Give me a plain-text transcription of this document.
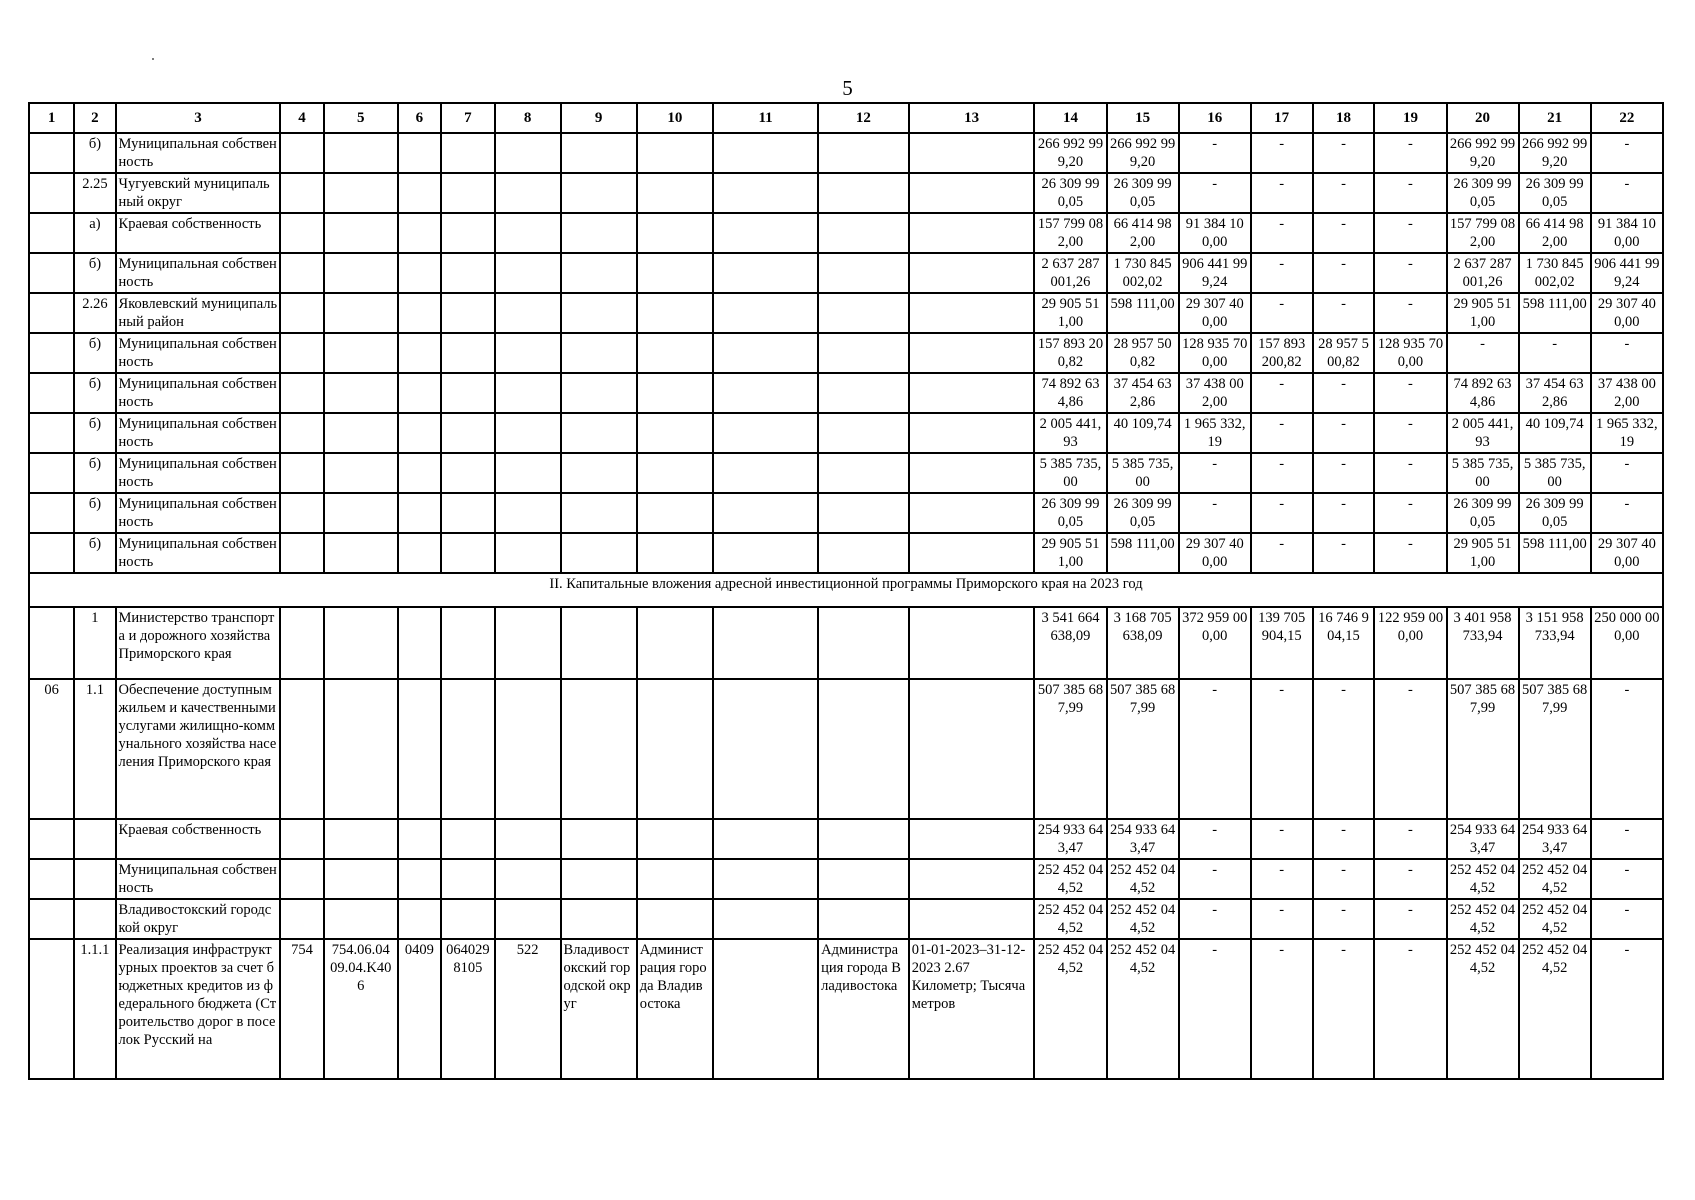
5
1	2	3	4	5	6	7	8	9	10	11	12	13	14	15	16	17	18	19	20	21	22
	б)	Муниципальная собственность											266 992 999,20	266 992 999,20	-	-	-	-	266 992 999,20	266 992 999,20	-
	2.25	Чугуевский муниципальный округ											26 309 990,05	26 309 990,05	-	-	-	-	26 309 990,05	26 309 990,05	-
	а)	Краевая собственность											157 799 082,00	66 414 982,00	91 384 100,00	-	-	-	157 799 082,00	66 414 982,00	91 384 100,00
	б)	Муниципальная собственность											2 637 287 001,26	1 730 845 002,02	906 441 999,24	-	-	-	2 637 287 001,26	1 730 845 002,02	906 441 999,24
	2.26	Яковлевский муниципальный район											29 905 511,00	598 111,00	29 307 400,00	-	-	-	29 905 511,00	598 111,00	29 307 400,00
	б)	Муниципальная собственность											157 893 200,82	28 957 500,82	128 935 700,00	157 893 200,82	28 957 500,82	128 935 700,00	-	-	-
	б)	Муниципальная собственность											74 892 634,86	37 454 632,86	37 438 002,00	-	-	-	74 892 634,86	37 454 632,86	37 438 002,00
	б)	Муниципальная собственность											2 005 441,93	40 109,74	1 965 332,19	-	-	-	2 005 441,93	40 109,74	1 965 332,19
	б)	Муниципальная собственность											5 385 735,00	5 385 735,00	-	-	-	-	5 385 735,00	5 385 735,00	-
	б)	Муниципальная собственность											26 309 990,05	26 309 990,05	-	-	-	-	26 309 990,05	26 309 990,05	-
	б)	Муниципальная собственность											29 905 511,00	598 111,00	29 307 400,00	-	-	-	29 905 511,00	598 111,00	29 307 400,00
II. Капитальные вложения адресной инвестиционной программы Приморского края на 2023 год																					
	1	Министерство транспорта и дорожного хозяйства Приморского края											3 541 664 638,09	3 168 705 638,09	372 959 000,00	139 705 904,15	16 746 904,15	122 959 000,00	3 401 958 733,94	3 151 958 733,94	250 000 000,00
06	1.1	Обеспечение доступным жильем и качественными услугами жилищно-коммунального хозяйства населения Приморского края											507 385 687,99	507 385 687,99	-	-	-	-	507 385 687,99	507 385 687,99	-
		Краевая собственность											254 933 643,47	254 933 643,47	-	-	-	-	254 933 643,47	254 933 643,47	-
		Муниципальная собственность											252 452 044,52	252 452 044,52	-	-	-	-	252 452 044,52	252 452 044,52	-
		Владивостокский городской округ											252 452 044,52	252 452 044,52	-	-	-	-	252 452 044,52	252 452 044,52	-
	1.1.1	Реализация инфраструктурных проектов за счет бюджетных кредитов из федерального бюджета (Строительство дорог в поселок Русский на	754	754.06.04 09.04.K40 6	0409	064029 8105	522	Владивостокский городской округ	Администрация города Владивостока		Администрация города Владивостока	01-01-2023–31-12-2023 2.67 Километр; Тысяча метров	252 452 044,52	252 452 044,52	-	-	-	-	252 452 044,52	252 452 044,52	-
